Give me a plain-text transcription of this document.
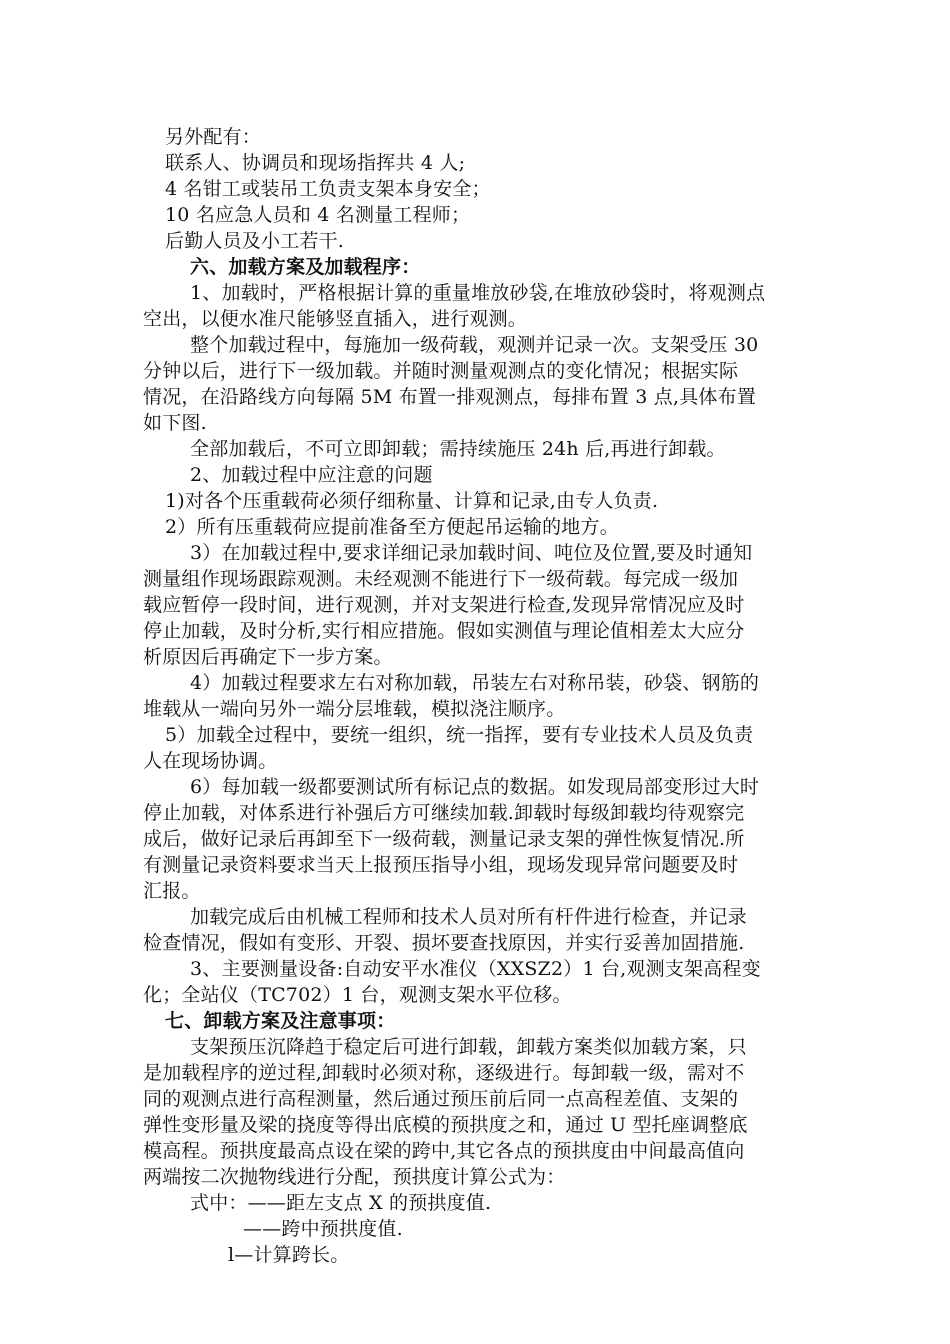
另外配有：
联系人、协调员和现场指挥共 4 人;
4 名钳工或装吊工负责支架本身安全；
10 名应急人员和 4 名测量工程师；
后勤人员及小工若干.
六、加载方案及加载程序：
1、加载时，严格根据计算的重量堆放砂袋,在堆放砂袋时，将观测点
空出，以便水准尺能够竖直插入，进行观测。
整个加载过程中，每施加一级荷载，观测并记录一次。支架受压 30
分钟以后，进行下一级加载。并随时测量观测点的变化情况；根据实际
情况，在沿路线方向每隔 5M 布置一排观测点，每排布置 3 点,具体布置
如下图.
全部加载后，不可立即卸载；需持续施压 24h 后,再进行卸载。
2、加载过程中应注意的问题
1)对各个压重载荷必须仔细称量、计算和记录,由专人负责.
2）所有压重载荷应提前准备至方便起吊运输的地方。
3）在加载过程中,要求详细记录加载时间、吨位及位置,要及时通知
测量组作现场跟踪观测。未经观测不能进行下一级荷载。每完成一级加
载应暂停一段时间，进行观测，并对支架进行检查,发现异常情况应及时
停止加载，及时分析,实行相应措施。假如实测值与理论值相差太大应分
析原因后再确定下一步方案。
4）加载过程要求左右对称加载，吊装左右对称吊装，砂袋、钢筋的
堆载从一端向另外一端分层堆载，模拟浇注顺序。
5）加载全过程中，要统一组织，统一指挥，要有专业技术人员及负责
人在现场协调。
6）每加载一级都要测试所有标记点的数据。如发现局部变形过大时
停止加载，对体系进行补强后方可继续加载.卸载时每级卸载均待观察完
成后，做好记录后再卸至下一级荷载，测量记录支架的弹性恢复情况.所
有测量记录资料要求当天上报预压指导小组，现场发现异常问题要及时
汇报。
加载完成后由机械工程师和技术人员对所有杆件进行检查，并记录
检查情况，假如有变形、开裂、损坏要查找原因，并实行妥善加固措施.
3、主要测量设备:自动安平水准仪（XXSZ2）1 台,观测支架高程变
化；全站仪（TC702）1 台，观测支架水平位移。
七、卸载方案及注意事项：
支架预压沉降趋于稳定后可进行卸载，卸载方案类似加载方案，只
是加载程序的逆过程,卸载时必须对称，逐级进行。每卸载一级，需对不
同的观测点进行高程测量，然后通过预压前后同一点高程差值、支架的
弹性变形量及梁的挠度等得出底模的预拱度之和，通过 U 型托座调整底
模高程。预拱度最高点设在梁的跨中,其它各点的预拱度由中间最高值向
两端按二次抛物线进行分配，预拱度计算公式为：
式中：——距左支点 X 的预拱度值.
——跨中预拱度值.
l—计算跨长。
